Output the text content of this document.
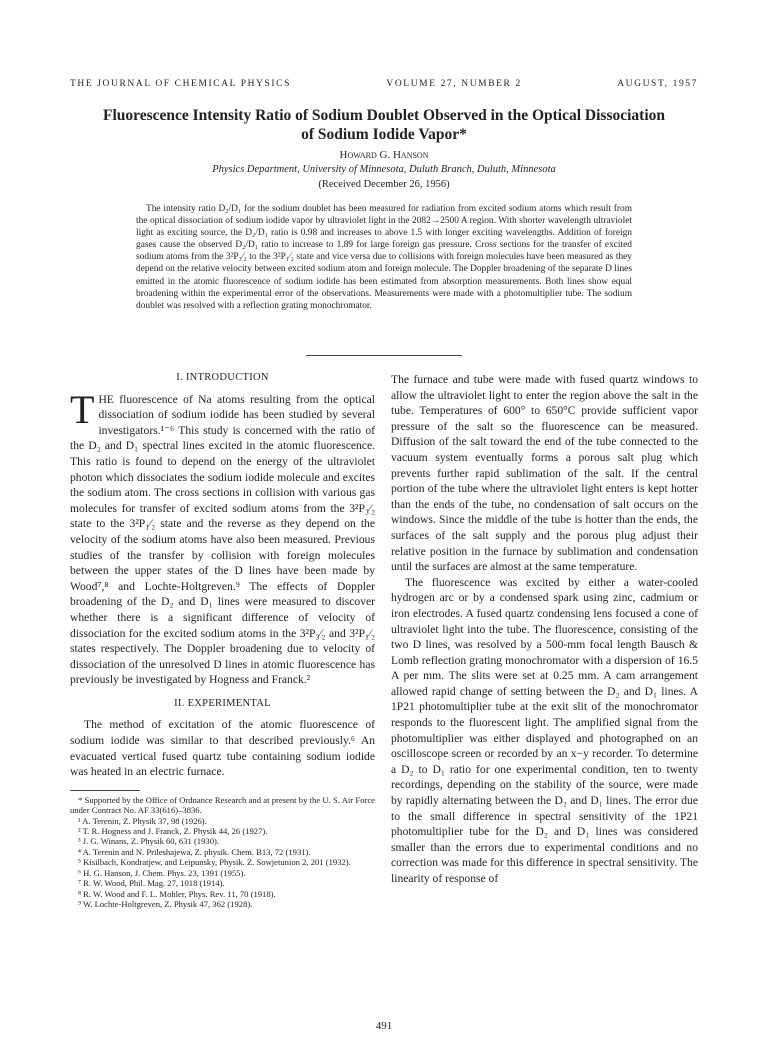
THE JOURNAL OF CHEMICAL PHYSICS	VOLUME 27, NUMBER 2	AUGUST, 1957
Fluorescence Intensity Ratio of Sodium Doublet Observed in the Optical Dissociation of Sodium Iodide Vapor*
Howard G. Hanson
Physics Department, University of Minnesota, Duluth Branch, Duluth, Minnesota
(Received December 26, 1956)
The intensity ratio D₂/D₁ for the sodium doublet has been measured for radiation from excited sodium atoms which result from the optical dissociation of sodium iodide vapor by ultraviolet light in the 2082→2500 A region. With shorter wavelength ultraviolet light as exciting source, the D₂/D₁ ratio is 0.98 and increases to above 1.5 with longer exciting wavelengths. Addition of foreign gases cause the observed D₂/D₁ ratio to increase to 1.89 for large foreign gas pressure. Cross sections for the transfer of excited sodium atoms from the 3²P₃⁄₂ to the 3²P₁⁄₂ state and vice versa due to collisions with foreign molecules have been measured as they depend on the relative velocity between excited sodium atom and foreign molecule. The Doppler broadening of the separate D lines emitted in the atomic fluorescence of sodium iodide has been estimated from absorption measurements. Both lines show equal broadening within the experimental error of the observations. Measurements were made with a photomultiplier tube. The sodium doublet was resolved with a reflection grating monochromator.
I. INTRODUCTION

THE fluorescence of Na atoms resulting from the optical dissociation of sodium iodide has been studied by several investigators.¹⁻⁶ This study is concerned with the ratio of the D₂ and D₁ spectral lines excited in the atomic fluorescence. This ratio is found to depend on the energy of the ultraviolet photon which dissociates the sodium iodide molecule and excites the sodium atom. The cross sections in collision with various gas molecules for transfer of excited sodium atoms from the 3²P₃⁄₂ state to the 3²P₁⁄₂ state and the reverse as they depend on the velocity of the sodium atoms have also been measured. Previous studies of the transfer by collision with foreign molecules between the upper states of the D lines have been made by Wood⁷,⁸ and Lochte-Holtgreven.⁹ The effects of Doppler broadening of the D₂ and D₁ lines were measured to discover whether there is a significant difference of velocity of dissociation for the excited sodium atoms in the 3²P₃⁄₂ and 3²P₁⁄₂ states respectively. The Doppler broadening due to velocity of dissociation of the unresolved D lines in atomic fluorescence has previously be investigated by Hogness and Franck.²

II. EXPERIMENTAL

The method of excitation of the atomic fluorescence of sodium iodide was similar to that described previously.⁶ An evacuated vertical fused quartz tube containing sodium iodide was heated in an electric furnace.

* Supported by the Office of Ordnance Research and at present by the U. S. Air Force under Contract No. AF 33(616)–3836.
¹ A. Terenin, Z. Physik 37, 98 (1926).
² T. R. Hogness and J. Franck, Z. Physik 44, 26 (1927).
³ J. G. Winans, Z. Physik 60, 631 (1930).
⁴ A. Terenin and N. Prileshajewa, Z. physik. Chem. B13, 72 (1931).
⁵ Kisilbach, Kondratjew, and Leipunsky, Physik. Z. Sowjetunion 2, 201 (1932).
⁶ H. G. Hanson, J. Chem. Phys. 23, 1391 (1955).
⁷ R. W. Wood, Phil. Mag. 27, 1018 (1914).
⁸ R. W. Wood and F. L. Mohler, Phys. Rev. 11, 70 (1918).
⁹ W. Lochte-Holtgreven, Z. Physik 47, 362 (1928).

The furnace and tube were made with fused quartz windows to allow the ultraviolet light to enter the region above the salt in the tube. Temperatures of 600° to 650°C provide sufficient vapor pressure of the salt so the fluorescence can be measured. Diffusion of the salt toward the end of the tube connected to the vacuum system eventually forms a porous salt plug which prevents further rapid sublimation of the salt. If the central portion of the tube where the ultraviolet light enters is kept hotter than the ends of the tube, no condensation of salt occurs on the windows. Since the middle of the tube is hotter than the ends, the surfaces of the salt supply and the porous plug adjust their relative position in the furnace by sublimation and condensation until the surfaces are almost at the same temperature.

The fluorescence was excited by either a water-cooled hydrogen arc or by a condensed spark using zinc, cadmium or iron electrodes. A fused quartz condensing lens focused a cone of ultraviolet light into the tube. The fluorescence, consisting of the two D lines, was resolved by a 500-mm focal length Bausch & Lomb reflection grating monochromator with a dispersion of 16.5 A per mm. The slits were set at 0.25 mm. A cam arrangement allowed rapid change of setting between the D₂ and D₁ lines. A 1P21 photomultiplier tube at the exit slit of the monochromator responds to the fluorescent light. The amplified signal from the photomultiplier was either displayed and photographed on an oscilloscope screen or recorded by an x−y recorder. To determine a D₂ to D₁ ratio for one experimental condition, ten to twenty recordings, depending on the stability of the source, were made by rapidly alternating between the D₂ and D₁ lines. The error due to the small difference in spectral sensitivity of the 1P21 photomultiplier tube for the D₂ and D₁ lines was considered smaller than the errors due to experimental conditions and no correction was made for this difference in spectral sensitivity. The linearity of response of

491
